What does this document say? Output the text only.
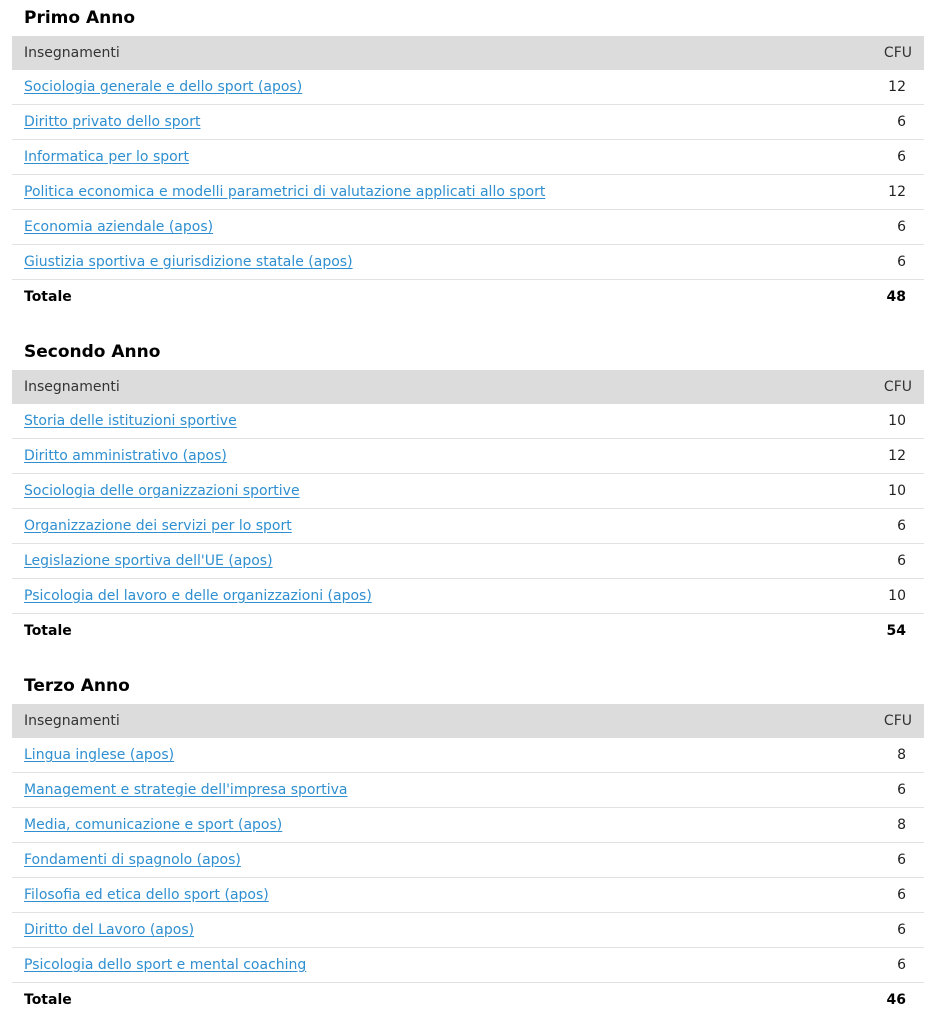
Primo Anno
Insegnamenti	CFU
Sociologia generale e dello sport (apos)	12
Diritto privato dello sport	6
Informatica per lo sport	6
Politica economica e modelli parametrici di valutazione applicati allo sport	12
Economia aziendale (apos)	6
Giustizia sportiva e giurisdizione statale (apos)	6
Totale	48
Secondo Anno
Insegnamenti	CFU
Storia delle istituzioni sportive	10
Diritto amministrativo (apos)	12
Sociologia delle organizzazioni sportive	10
Organizzazione dei servizi per lo sport	6
Legislazione sportiva dell'UE (apos)	6
Psicologia del lavoro e delle organizzazioni (apos)	10
Totale	54
Terzo Anno
Insegnamenti	CFU
Lingua inglese (apos)	8
Management e strategie dell'impresa sportiva	6
Media, comunicazione e sport (apos)	8
Fondamenti di spagnolo (apos)	6
Filosofia ed etica dello sport (apos)	6
Diritto del Lavoro (apos)	6
Psicologia dello sport e mental coaching	6
Totale	46
